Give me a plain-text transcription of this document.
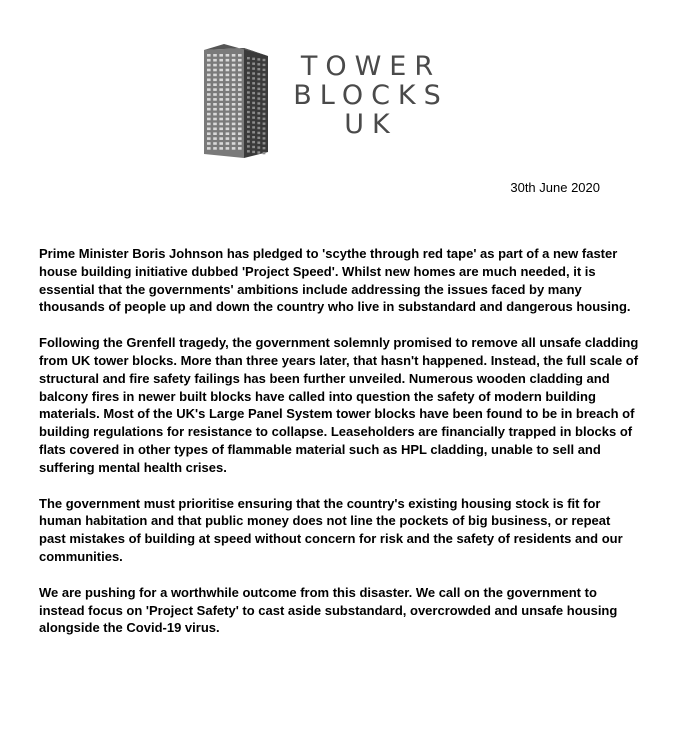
TOWER
BLOCKS
UK
30th June 2020

Prime Minister Boris Johnson has pledged to 'scythe through red tape' as part of a new faster house building initiative dubbed 'Project Speed'. Whilst new homes are much needed, it is essential that the governments' ambitions include addressing the issues faced by many thousands of people up and down the country who live in substandard and dangerous housing.

Following the Grenfell tragedy, the government solemnly promised to remove all unsafe cladding from UK tower blocks. More than three years later, that hasn't happened. Instead, the full scale of structural and fire safety failings has been further unveiled. Numerous wooden cladding and balcony fires in newer built blocks have called into question the safety of modern building materials. Most of the UK's Large Panel System tower blocks have been found to be in breach of building regulations for resistance to collapse. Leaseholders are financially trapped in blocks of flats covered in other types of flammable material such as HPL cladding, unable to sell and suffering mental health crises.

The government must prioritise ensuring that the country's existing housing stock is fit for human habitation and that public money does not line the pockets of big business, or repeat past mistakes of building at speed without concern for risk and the safety of residents and our communities.

We are pushing for a worthwhile outcome from this disaster. We call on the government to instead focus on 'Project Safety' to cast aside substandard, overcrowded and unsafe housing alongside the Covid-19 virus.
